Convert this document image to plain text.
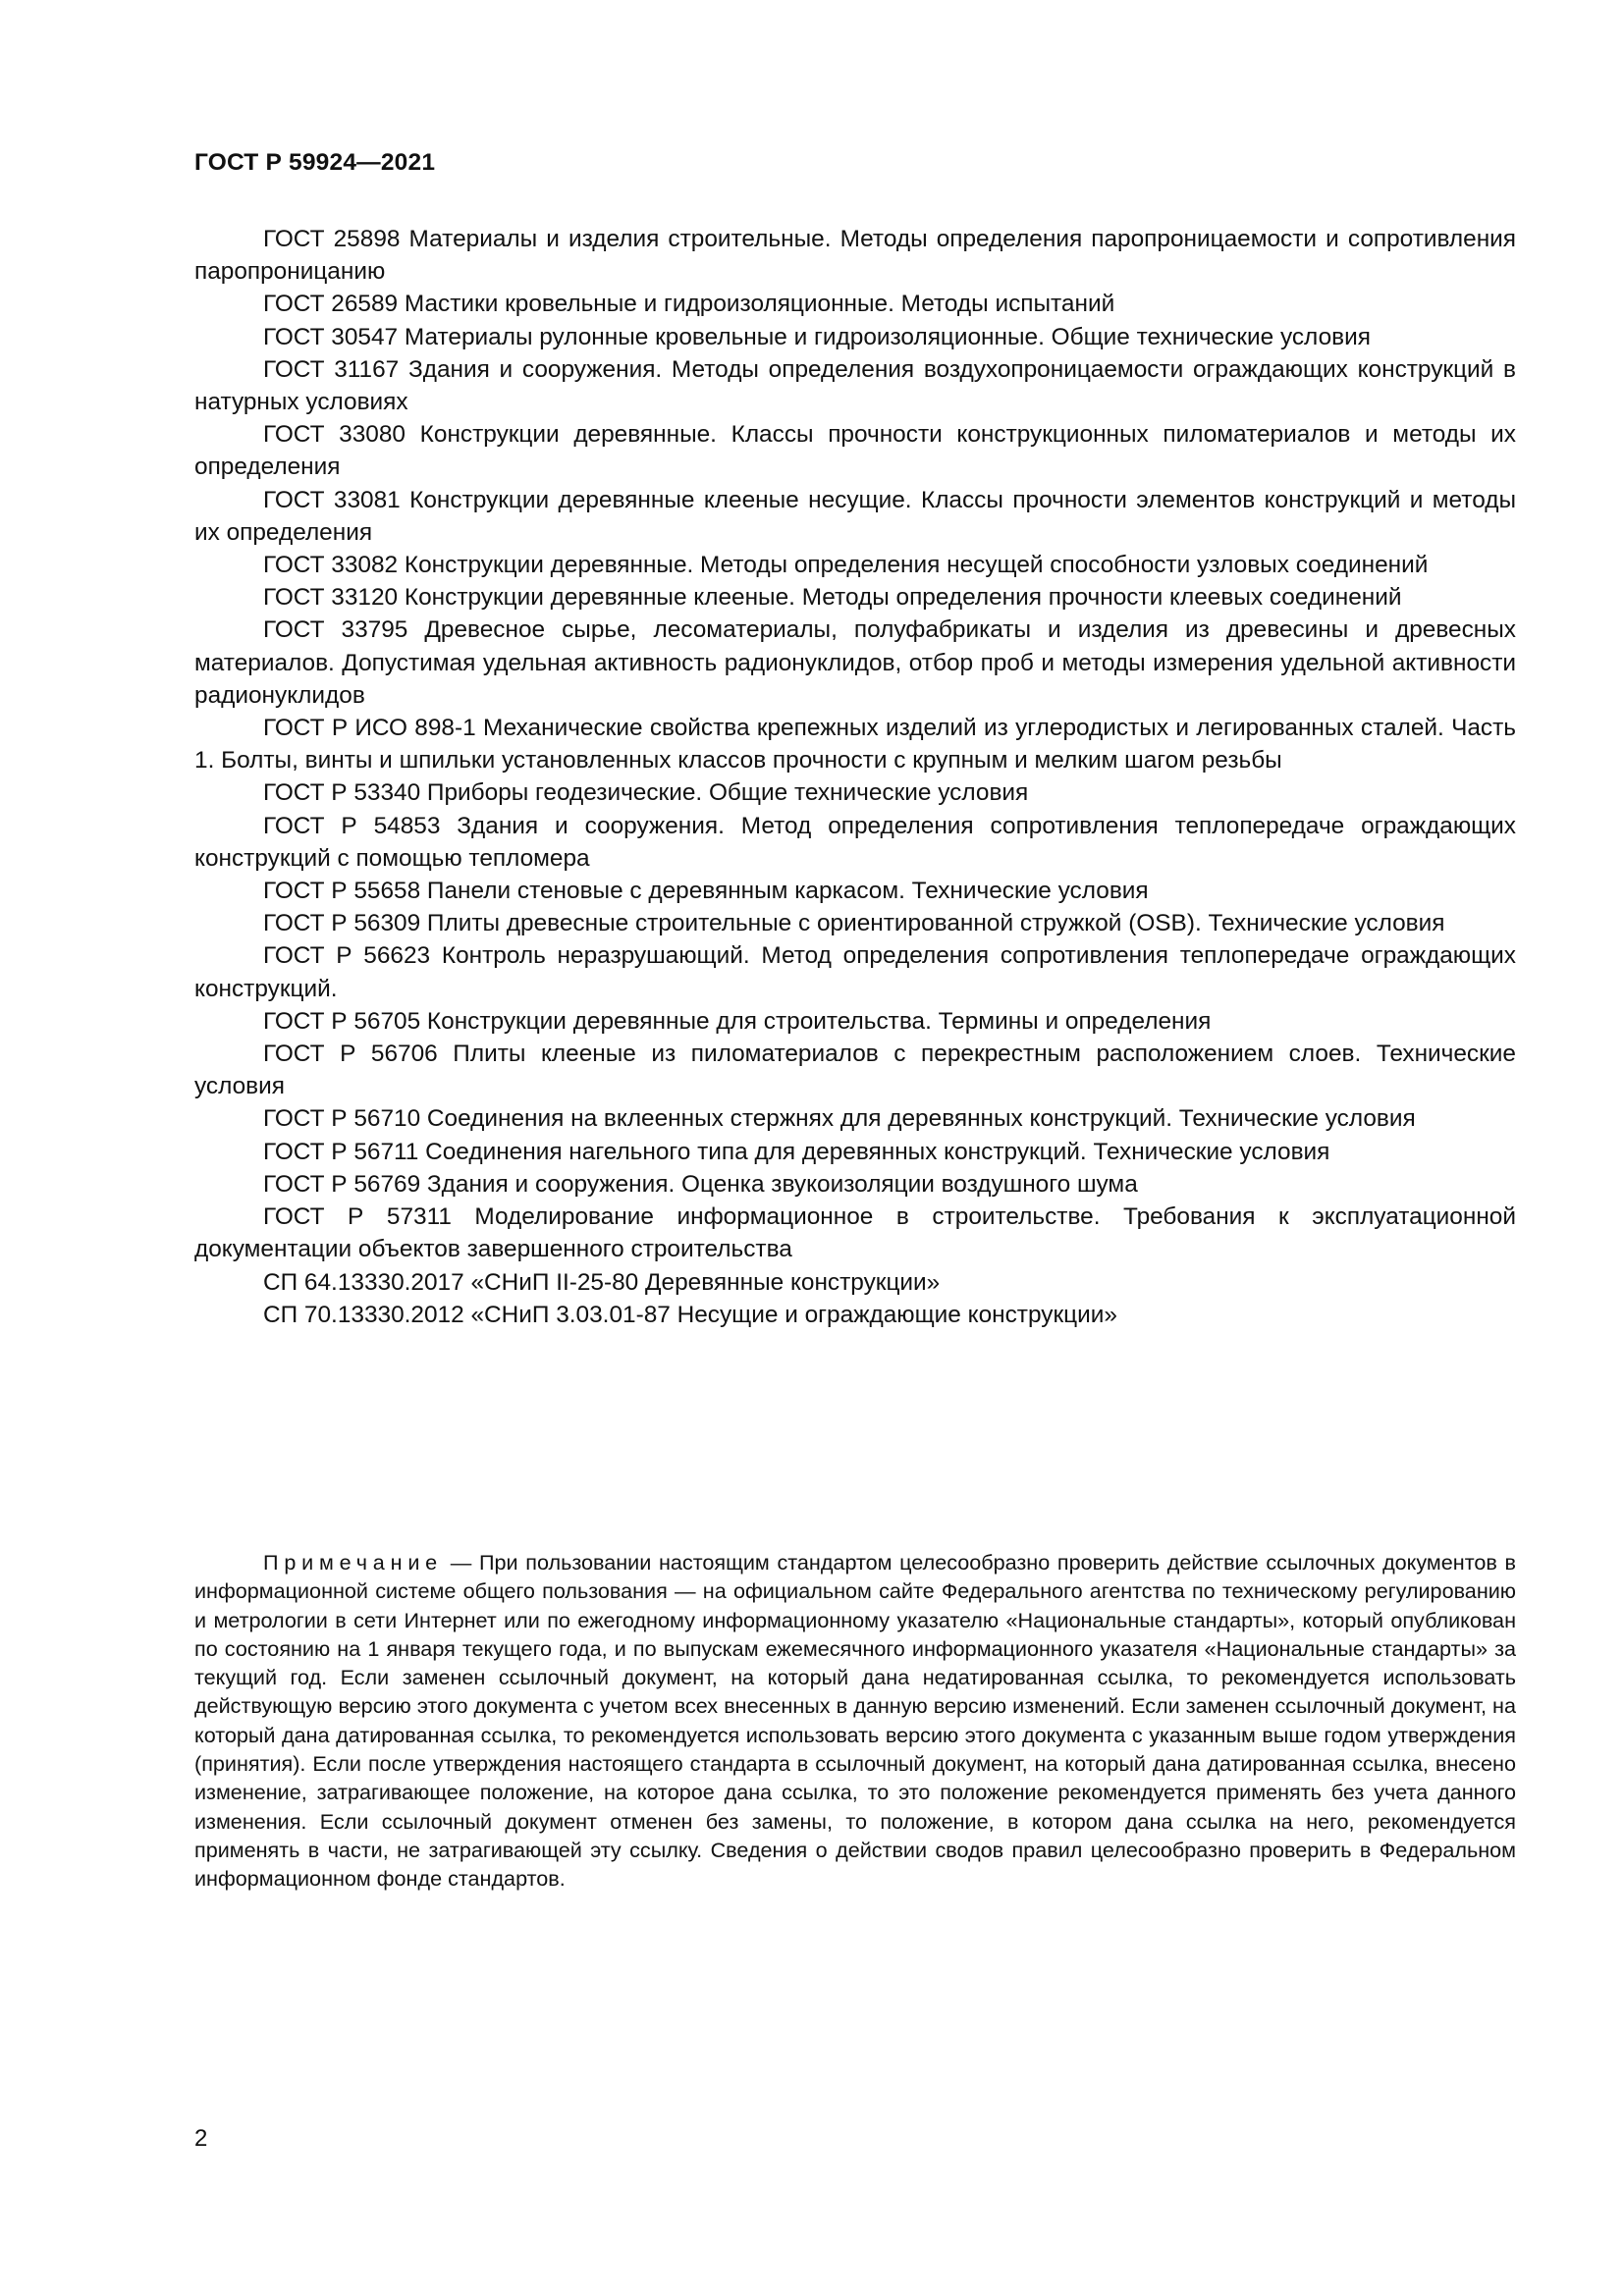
ГОСТ Р 59924—2021

ГОСТ 25898 Материалы и изделия строительные. Методы определения паропроницаемости и сопротивления паропроницанию

ГОСТ 26589 Мастики кровельные и гидроизоляционные. Методы испытаний

ГОСТ 30547 Материалы рулонные кровельные и гидроизоляционные. Общие технические условия

ГОСТ 31167 Здания и сооружения. Методы определения воздухопроницаемости ограждающих конструкций в натурных условиях

ГОСТ 33080 Конструкции деревянные. Классы прочности конструкционных пиломатериалов и методы их определения

ГОСТ 33081 Конструкции деревянные клееные несущие. Классы прочности элементов конструкций и методы их определения

ГОСТ 33082 Конструкции деревянные. Методы определения несущей способности узловых соединений

ГОСТ 33120 Конструкции деревянные клееные. Методы определения прочности клеевых соединений

ГОСТ 33795 Древесное сырье, лесоматериалы, полуфабрикаты и изделия из древесины и древесных материалов. Допустимая удельная активность радионуклидов, отбор проб и методы измерения удельной активности радионуклидов

ГОСТ Р ИСО 898-1 Механические свойства крепежных изделий из углеродистых и легированных сталей. Часть 1. Болты, винты и шпильки установленных классов прочности с крупным и мелким шагом резьбы

ГОСТ Р 53340 Приборы геодезические. Общие технические условия

ГОСТ Р 54853 Здания и сооружения. Метод определения сопротивления теплопередаче ограждающих конструкций с помощью тепломера

ГОСТ Р 55658 Панели стеновые с деревянным каркасом. Технические условия

ГОСТ Р 56309 Плиты древесные строительные с ориентированной стружкой (OSB). Технические условия

ГОСТ Р 56623 Контроль неразрушающий. Метод определения сопротивления теплопередаче ограждающих конструкций.

ГОСТ Р 56705 Конструкции деревянные для строительства. Термины и определения

ГОСТ Р 56706 Плиты клееные из пиломатериалов с перекрестным расположением слоев. Технические условия

ГОСТ Р 56710 Соединения на вклеенных стержнях для деревянных конструкций. Технические условия

ГОСТ Р 56711 Соединения нагельного типа для деревянных конструкций. Технические условия

ГОСТ Р 56769 Здания и сооружения. Оценка звукоизоляции воздушного шума

ГОСТ Р 57311 Моделирование информационное в строительстве. Требования к эксплуатационной документации объектов завершенного строительства

СП 64.13330.2017 «СНиП II-25-80 Деревянные конструкции»

СП 70.13330.2012 «СНиП 3.03.01-87 Несущие и ограждающие конструкции»

Примечание — При пользовании настоящим стандартом целесообразно проверить действие ссылочных документов в информационной системе общего пользования — на официальном сайте Федерального агентства по техническому регулированию и метрологии в сети Интернет или по ежегодному информационному указателю «Национальные стандарты», который опубликован по состоянию на 1 января текущего года, и по выпускам ежемесячного информационного указателя «Национальные стандарты» за текущий год. Если заменен ссылочный документ, на который дана недатированная ссылка, то рекомендуется использовать действующую версию этого документа с учетом всех внесенных в данную версию изменений. Если заменен ссылочный документ, на который дана датированная ссылка, то рекомендуется использовать версию этого документа с указанным выше годом утверждения (принятия). Если после утверждения настоящего стандарта в ссылочный документ, на который дана датированная ссылка, внесено изменение, затрагивающее положение, на которое дана ссылка, то это положение рекомендуется применять без учета данного изменения. Если ссылочный документ отменен без замены, то положение, в котором дана ссылка на него, рекомендуется применять в части, не затрагивающей эту ссылку. Сведения о действии сводов правил целесообразно проверить в Федеральном информационном фонде стандартов.

2
